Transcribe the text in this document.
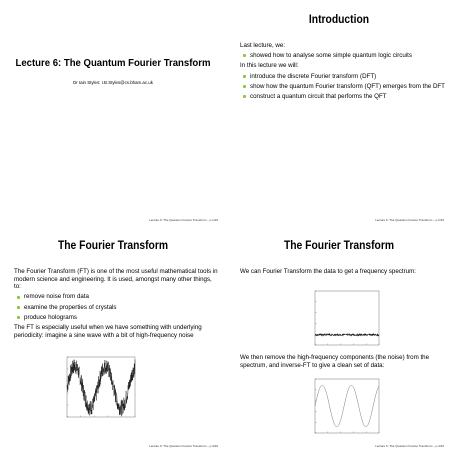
Lecture 6: The Quantum Fourier Transform
Dr Iain Styles: I.B.Styles@cs.bham.ac.uk
Lecture 6: The Quantum Fourier Transform – p.1/16
Introduction

Last lecture, we:

showed how to analyse some simple quantum logic circuits

In this lecture we will:

introduce the discrete Fourier transform (DFT)
show how the quantum Fourier transform (QFT) emerges from the DFT
construct a quantum circuit that performs the QFT
Lecture 6: The Quantum Fourier Transform – p.2/16
The Fourier Transform

The Fourier Transform (FT) is one of the most useful mathematical tools in modern science and engineering. It is used, amongst many other things, to:

remove noise from data
examine the properties of crystals
produce holograms

The FT is especially useful when we have something with underlying periodicity: imagine a sine wave with a bit of high-frequency noise

Lecture 6: The Quantum Fourier Transform – p.3/16
The Fourier Transform

We can Fourier Transform the data to get a frequency spectrum:

We then remove the high-frequency components (the noise) from the spectrum, and inverse-FT to give a clean set of data:

Lecture 6: The Quantum Fourier Transform – p.4/16
